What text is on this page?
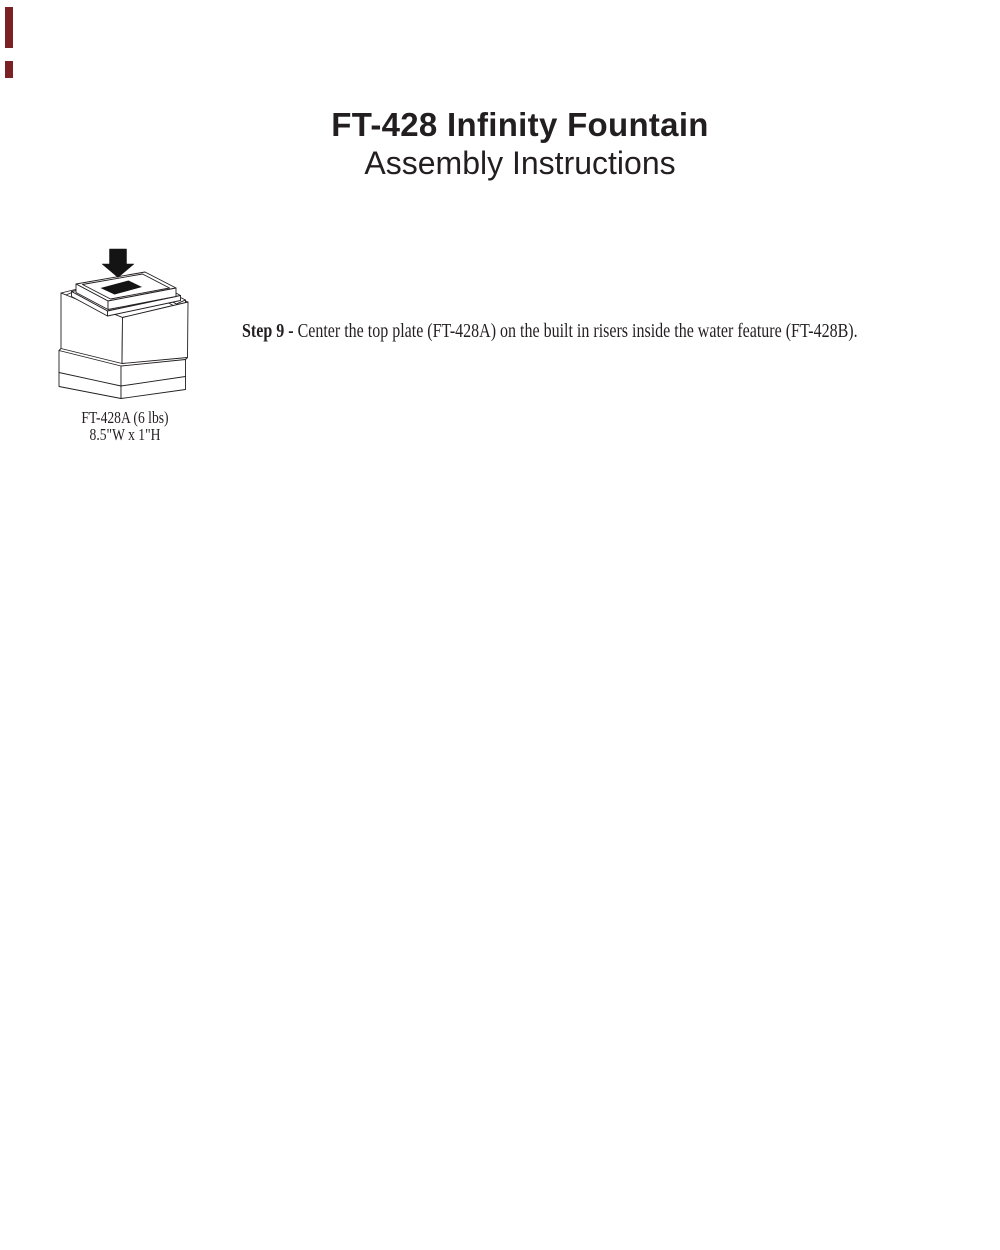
FT-428 Infinity Fountain
Assembly Instructions
FT-428A (6 lbs)
8.5"W x 1"H

Step 9 - Center the top plate (FT-428A) on the built in risers inside the water feature (FT-428B).
